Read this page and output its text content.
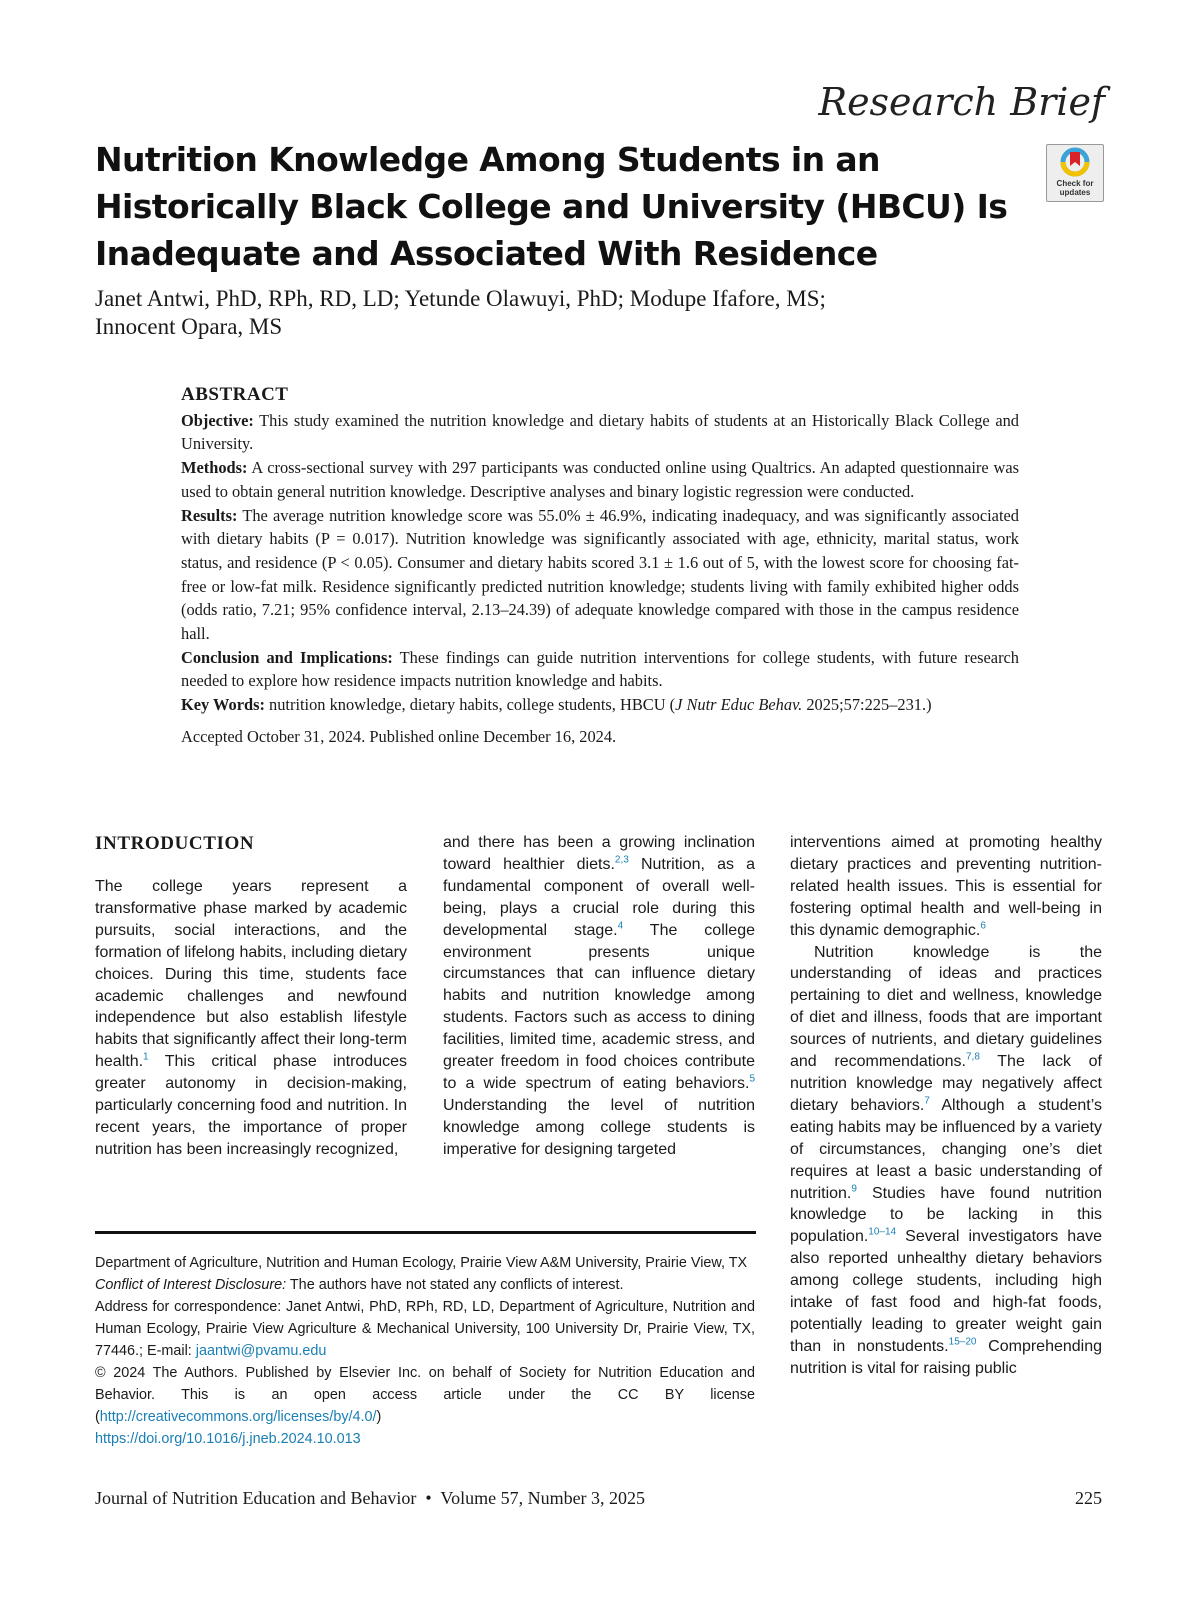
Research Brief
Nutrition Knowledge Among Students in an Historically Black College and University (HBCU) Is Inadequate and Associated With Residence
Check for updates
Janet Antwi, PhD, RPh, RD, LD; Yetunde Olawuyi, PhD; Modupe Ifafore, MS;
Innocent Opara, MS
ABSTRACT

Objective: This study examined the nutrition knowledge and dietary habits of students at an Historically Black College and University.

Methods: A cross-sectional survey with 297 participants was conducted online using Qualtrics. An adapted questionnaire was used to obtain general nutrition knowledge. Descriptive analyses and binary logistic regression were conducted.

Results: The average nutrition knowledge score was 55.0% ± 46.9%, indicating inadequacy, and was significantly associated with dietary habits (P = 0.017). Nutrition knowledge was significantly associated with age, ethnicity, marital status, work status, and residence (P < 0.05). Consumer and dietary habits scored 3.1 ± 1.6 out of 5, with the lowest score for choosing fat-free or low-fat milk. Residence significantly predicted nutrition knowledge; students living with family exhibited higher odds (odds ratio, 7.21; 95% confidence interval, 2.13–24.39) of adequate knowledge compared with those in the campus residence hall.

Conclusion and Implications: These findings can guide nutrition interventions for college students, with future research needed to explore how residence impacts nutrition knowledge and habits.

Key Words: nutrition knowledge, dietary habits, college students, HBCU (J Nutr Educ Behav. 2025;57:225–231.)

Accepted October 31, 2024. Published online December 16, 2024.

INTRODUCTION

The college years represent a transformative phase marked by academic pursuits, social interactions, and the formation of lifelong habits, including dietary choices. During this time, students face academic challenges and newfound independence but also establish lifestyle habits that significantly affect their long-term health.$^1$ This critical phase introduces greater autonomy in decision-making, particularly concerning food and nutrition. In recent years, the importance of proper nutrition has been increasingly recognized,

and there has been a growing inclination toward healthier diets.$^{2,3}$ Nutrition, as a fundamental component of overall well-being, plays a crucial role during this developmental stage.$^4$ The college environment presents unique circumstances that can influence dietary habits and nutrition knowledge among students. Factors such as access to dining facilities, limited time, academic stress, and greater freedom in food choices contribute to a wide spectrum of eating behaviors.$^5$ Understanding the level of nutrition knowledge among college students is imperative for designing targeted

interventions aimed at promoting healthy dietary practices and preventing nutrition-related health issues. This is essential for fostering optimal health and well-being in this dynamic demographic.$^6$

Nutrition knowledge is the understanding of ideas and practices pertaining to diet and wellness, knowledge of diet and illness, foods that are important sources of nutrients, and dietary guidelines and recommendations.$^{7,8}$ The lack of nutrition knowledge may negatively affect dietary behaviors.$^7$ Although a student’s eating habits may be influenced by a variety of circumstances, changing one’s diet requires at least a basic understanding of nutrition.$^9$ Studies have found nutrition knowledge to be lacking in this population.$^{10-14}$ Several investigators have also reported unhealthy dietary behaviors among college students, including high intake of fast food and high-fat foods, potentially leading to greater weight gain than in nonstudents.$^{15-20}$ Comprehending nutrition is vital for raising public

Department of Agriculture, Nutrition and Human Ecology, Prairie View A&M University, Prairie View, TX

Conflict of Interest Disclosure: The authors have not stated any conflicts of interest.

Address for correspondence: Janet Antwi, PhD, RPh, RD, LD, Department of Agriculture, Nutrition and Human Ecology, Prairie View Agriculture & Mechanical University, 100 University Dr, Prairie View, TX, 77446.; E-mail: jaantwi@pvamu.edu

© 2024 The Authors. Published by Elsevier Inc. on behalf of Society for Nutrition Education and Behavior. This is an open access article under the CC BY license (http://creativecommons.org/licenses/by/4.0/)

https://doi.org/10.1016/j.jneb.2024.10.013

Journal of Nutrition Education and Behavior  •  Volume 57, Number 3, 2025	225
